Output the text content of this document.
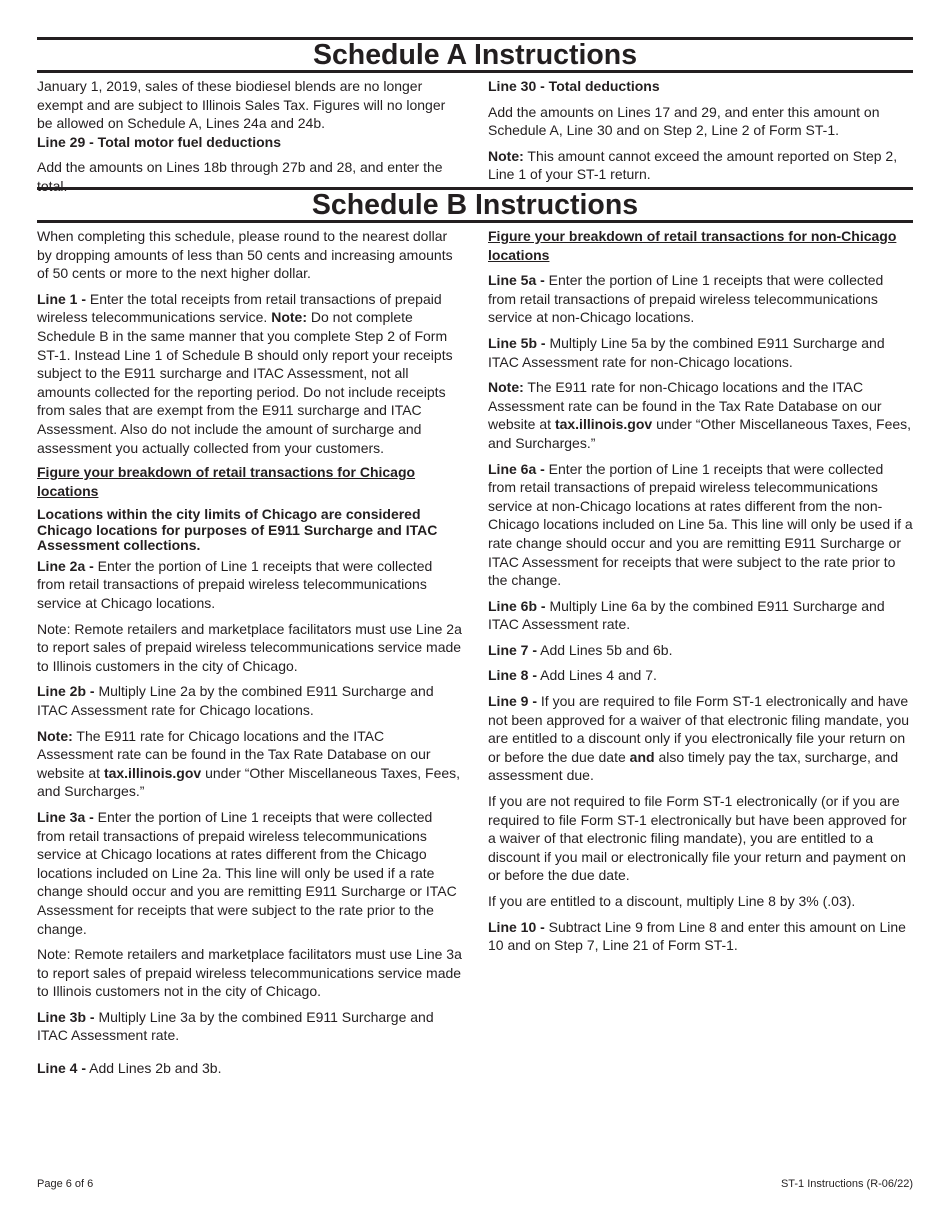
Schedule A Instructions

January 1, 2019, sales of these biodiesel blends are no longer exempt and are subject to Illinois Sales Tax. Figures will no longer be allowed on Schedule A, Lines 24a and 24b.

Line 29 - Total motor fuel deductions

Add the amounts on Lines 18b through 27b and 28, and enter the total.

Line 30 - Total deductions

Add the amounts on Lines 17 and 29, and enter this amount on Schedule A, Line 30 and on Step 2, Line 2 of Form ST-1.

Note: This amount cannot exceed the amount reported on Step 2, Line 1 of your ST-1 return.

Schedule B Instructions

When completing this schedule, please round to the nearest dollar by dropping amounts of less than 50 cents and increasing amounts of 50 cents or more to the next higher dollar.

Line 1 - Enter the total receipts from retail transactions of prepaid wireless telecommunications service. Note: Do not complete Schedule B in the same manner that you complete Step 2 of Form ST-1. Instead Line 1 of Schedule B should only report your receipts subject to the E911 surcharge and ITAC Assessment, not all amounts collected for the reporting period. Do not include receipts from sales that are exempt from the E911 surcharge and ITAC Assessment. Also do not include the amount of surcharge and assessment you actually collected from your customers.

Figure your breakdown of retail transactions for Chicago locations

Locations within the city limits of Chicago are considered Chicago locations for purposes of E911 Surcharge and ITAC Assessment collections.

Line 2a - Enter the portion of Line 1 receipts that were collected from retail transactions of prepaid wireless telecommunications service at Chicago locations.

Note: Remote retailers and marketplace facilitators must use Line 2a to report sales of prepaid wireless telecommunications service made to Illinois customers in the city of Chicago.

Line 2b - Multiply Line 2a by the combined E911 Surcharge and ITAC Assessment rate for Chicago locations.

Note: The E911 rate for Chicago locations and the ITAC Assessment rate can be found in the Tax Rate Database on our website at tax.illinois.gov under “Other Miscellaneous Taxes, Fees, and Surcharges.”

Line 3a - Enter the portion of Line 1 receipts that were collected from retail transactions of prepaid wireless telecommunications service at Chicago locations at rates different from the Chicago locations included on Line 2a. This line will only be used if a rate change should occur and you are remitting E911 Surcharge or ITAC Assessment for receipts that were subject to the rate prior to the change.

Note: Remote retailers and marketplace facilitators must use Line 3a to report sales of prepaid wireless telecommunications service made to Illinois customers not in the city of Chicago.

Line 3b - Multiply Line 3a by the combined E911 Surcharge and ITAC Assessment rate.

Line 4 - Add Lines 2b and 3b.

Figure your breakdown of retail transactions for non-Chicago locations

Line 5a - Enter the portion of Line 1 receipts that were collected from retail transactions of prepaid wireless telecommunications service at non-Chicago locations.

Line 5b - Multiply Line 5a by the combined E911 Surcharge and ITAC Assessment rate for non-Chicago locations.

Note: The E911 rate for non-Chicago locations and the ITAC Assessment rate can be found in the Tax Rate Database on our website at tax.illinois.gov under “Other Miscellaneous Taxes, Fees, and Surcharges.”

Line 6a - Enter the portion of Line 1 receipts that were collected from retail transactions of prepaid wireless telecommunications service at non-Chicago locations at rates different from the non-Chicago locations included on Line 5a. This line will only be used if a rate change should occur and you are remitting E911 Surcharge or ITAC Assessment for receipts that were subject to the rate prior to the change.

Line 6b - Multiply Line 6a by the combined E911 Surcharge and ITAC Assessment rate.

Line 7 - Add Lines 5b and 6b.

Line 8 - Add Lines 4 and 7.

Line 9 - If you are required to file Form ST-1 electronically and have not been approved for a waiver of that electronic filing mandate, you are entitled to a discount only if you electronically file your return on or before the due date and also timely pay the tax, surcharge, and assessment due.

If you are not required to file Form ST-1 electronically (or if you are required to file Form ST-1 electronically but have been approved for a waiver of that electronic filing mandate), you are entitled to a discount if you mail or electronically file your return and payment on or before the due date.

If you are entitled to a discount, multiply Line 8 by 3% (.03).

Line 10 - Subtract Line 9 from Line 8 and enter this amount on Line 10 and on Step 7, Line 21 of Form ST-1.

Page 6 of 6	ST-1 Instructions (R-06/22)
